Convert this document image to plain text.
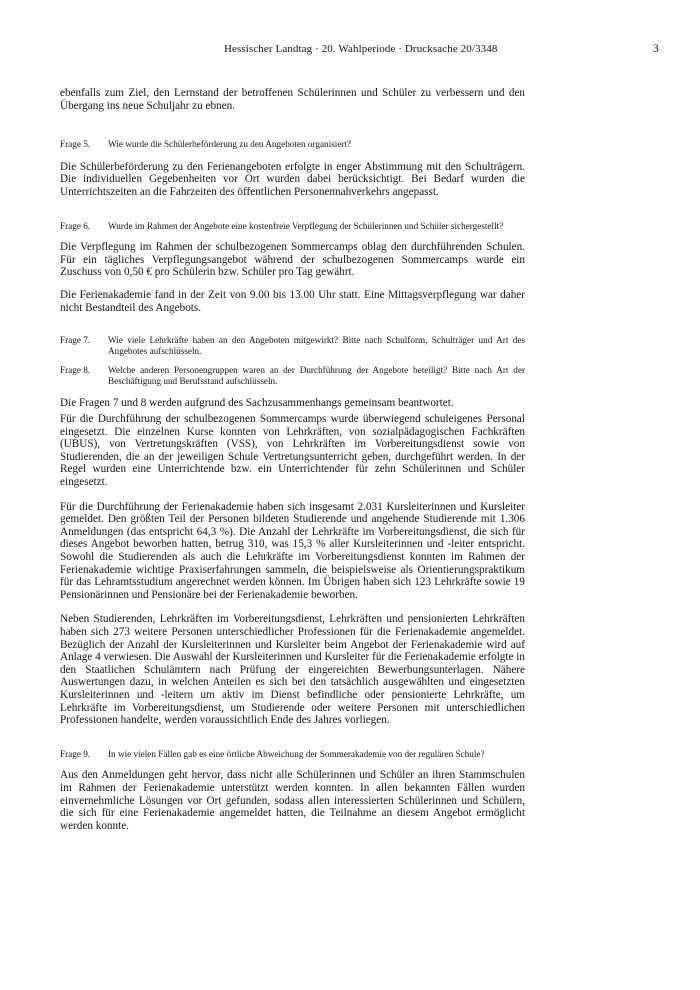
Hessischer Landtag · 20. Wahlperiode · Drucksache 20/3348	3

ebenfalls zum Ziel, den Lernstand der betroffenen Schülerinnen und Schüler zu verbessern und den Übergang ins neue Schuljahr zu ebnen.

Frage 5.	Wie wurde die Schülerbeförderung zu den Angeboten organisiert?

Die Schülerbeförderung zu den Ferienangeboten erfolgte in enger Abstimmung mit den Schulträgern. Die individuellen Gegebenheiten vor Ort wurden dabei berücksichtigt. Bei Bedarf wurden die Unterrichtszeiten an die Fahrzeiten des öffentlichen Personennahverkehrs angepasst.

Frage 6.	Wurde im Rahmen der Angebote eine kostenfreie Verpflegung der Schülerinnen und Schüler sichergestellt?

Die Verpflegung im Rahmen der schulbezogenen Sommercamps oblag den durchführenden Schulen. Für ein tägliches Verpflegungsangebot während der schulbezogenen Sommercamps wurde ein Zuschuss von 0,50 € pro Schülerin bzw. Schüler pro Tag gewährt.

Die Ferienakademie fand in der Zeit von 9.00 bis 13.00 Uhr statt. Eine Mittagsverpflegung war daher nicht Bestandteil des Angebots.

Frage 7.	Wie viele Lehrkräfte haben an den Angeboten mitgewirkt? Bitte nach Schulform, Schulträger und Art des Angebotes aufschlüsseln.
Frage 8.	Welche anderen Personengruppen waren an der Durchführung der Angebote beteiligt? Bitte nach Art der Beschäftigung und Berufsstand aufschlüsseln.

Die Fragen 7 und 8 werden aufgrund des Sachzusammenhangs gemeinsam beantwortet.

Für die Durchführung der schulbezogenen Sommercamps wurde überwiegend schuleigenes Personal eingesetzt. Die einzelnen Kurse konnten von Lehrkräften, von sozialpädagogischen Fachkräften (UBUS), von Vertretungskräften (VSS), von Lehrkräften im Vorbereitungsdienst sowie von Studierenden, die an der jeweiligen Schule Vertretungsunterricht geben, durchgeführt werden. In der Regel wurden eine Unterrichtende bzw. ein Unterrichtender für zehn Schülerinnen und Schüler eingesetzt.

Für die Durchführung der Ferienakademie haben sich insgesamt 2.031 Kursleiterinnen und Kursleiter gemeldet. Den größten Teil der Personen bildeten Studierende und angehende Studierende mit 1.306 Anmeldungen (das entspricht 64,3 %). Die Anzahl der Lehrkräfte im Vorbereitungsdienst, die sich für dieses Angebot beworben hatten, betrug 310, was 15,3 % aller Kursleiterinnen und -leiter entspricht. Sowohl die Studierenden als auch die Lehrkräfte im Vorbereitungsdienst konnten im Rahmen der Ferienakademie wichtige Praxiserfahrungen sammeln, die beispielsweise als Orientierungspraktikum für das Lehramtsstudium angerechnet werden können. Im Übrigen haben sich 123 Lehrkräfte sowie 19 Pensionärinnen und Pensionäre bei der Ferienakademie beworben.

Neben Studierenden, Lehrkräften im Vorbereitungsdienst, Lehrkräften und pensionierten Lehrkräften haben sich 273 weitere Personen unterschiedlicher Professionen für die Ferienakademie angemeldet. Bezüglich der Anzahl der Kursleiterinnen und Kursleiter beim Angebot der Ferienakademie wird auf Anlage 4 verwiesen. Die Auswahl der Kursleiterinnen und Kursleiter für die Ferienakademie erfolgte in den Staatlichen Schulämtern nach Prüfung der eingereichten Bewerbungsunterlagen. Nähere Auswertungen dazu, in welchen Anteilen es sich bei den tatsächlich ausgewählten und eingesetzten Kursleiterinnen und -leitern um aktiv im Dienst befindliche oder pensionierte Lehrkräfte, um Lehrkräfte im Vorbereitungsdienst, um Studierende oder weitere Personen mit unterschiedlichen Professionen handelte, werden voraussichtlich Ende des Jahres vorliegen.

Frage 9.	In wie vielen Fällen gab es eine örtliche Abweichung der Sommerakademie von der regulären Schule?

Aus den Anmeldungen geht hervor, dass nicht alle Schülerinnen und Schüler an ihren Stammschulen im Rahmen der Ferienakademie unterstützt werden konnten. In allen bekannten Fällen wurden einvernehmliche Lösungen vor Ort gefunden, sodass allen interessierten Schülerinnen und Schülern, die sich für eine Ferienakademie angemeldet hatten, die Teilnahme an diesem Angebot ermöglicht werden konnte.
